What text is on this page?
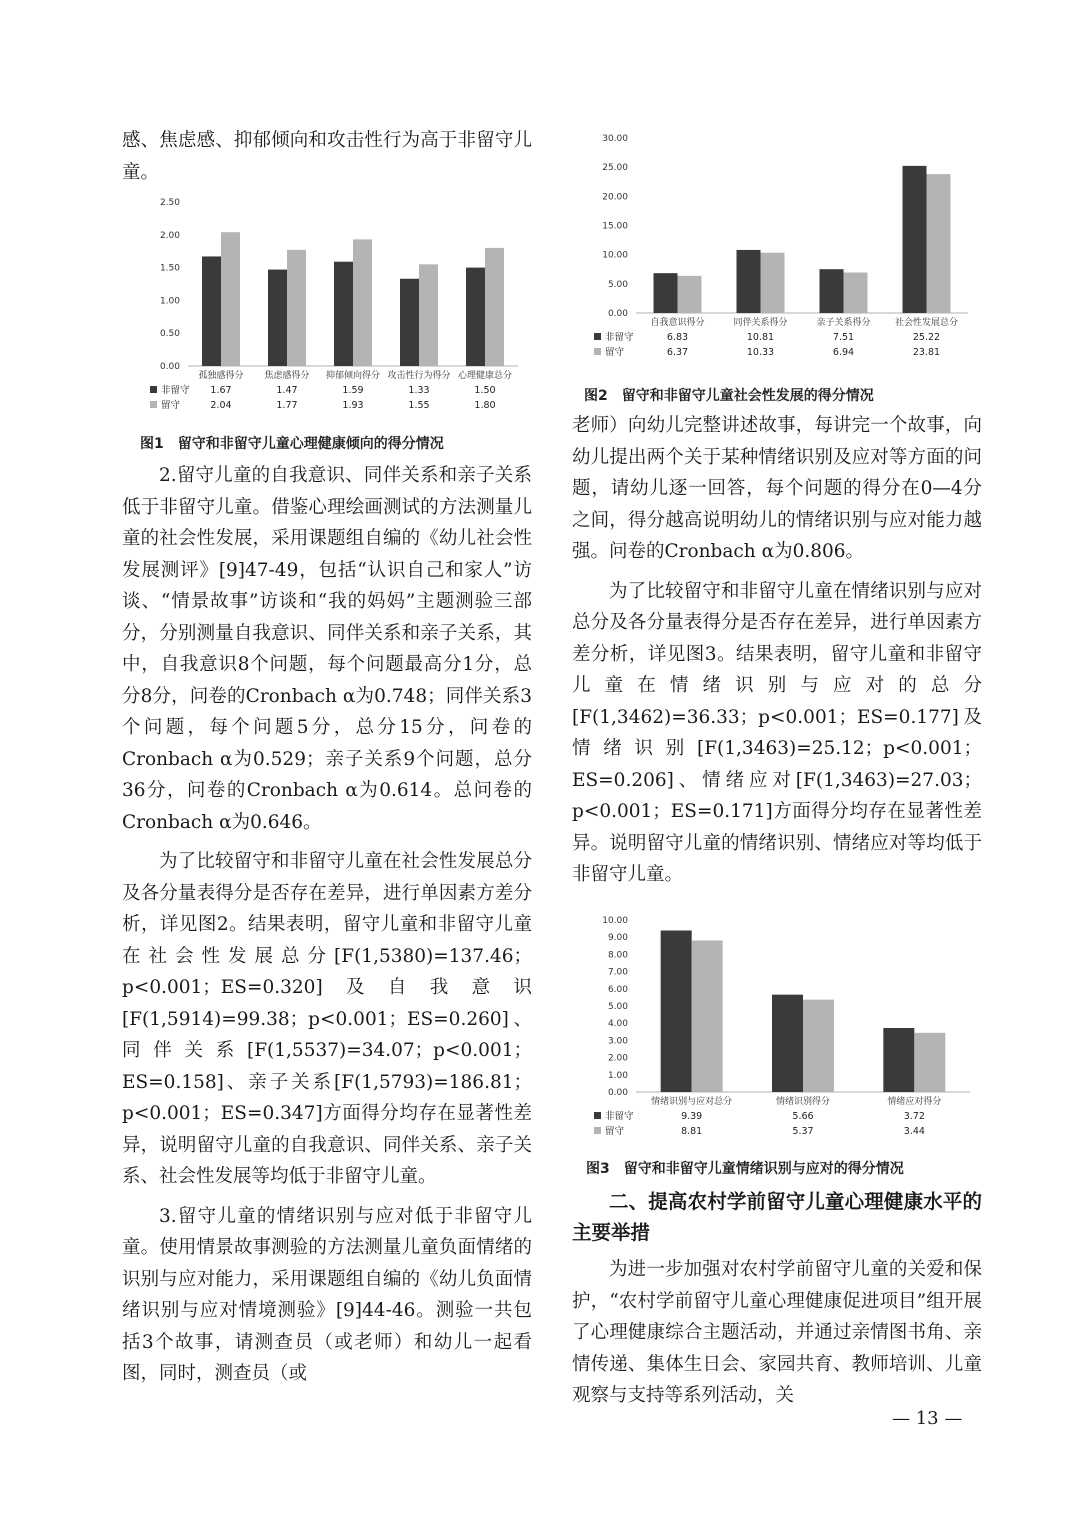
感、焦虑感、抑郁倾向和攻击性行为高于非留守儿童。

0.00
0.50
1.00
1.50
2.00
2.50
孤独感得分
1.67
2.04
焦虑感得分
1.47
1.77
抑郁倾向得分
1.59
1.93
攻击性行为得分
1.33
1.55
心理健康总分
1.50
1.80
非留守
留守
图1　留守和非留守儿童心理健康倾向的得分情况

2.留守儿童的自我意识、同伴关系和亲子关系低于非留守儿童。借鉴心理绘画测试的方法测量儿童的社会性发展，采用课题组自编的《幼儿社会性发展测评》[9]47-49，包括“认识自己和家人”访谈、“情景故事”访谈和“我的妈妈”主题测验三部分，分别测量自我意识、同伴关系和亲子关系，其中，自我意识8个问题，每个问题最高分1分，总分8分，问卷的Cronbach α为0.748；同伴关系3个问题，每个问题5分，总分15分，问卷的Cronbach α为0.529；亲子关系9个问题，总分36分，问卷的Cronbach α为0.614。总问卷的Cronbach α为0.646。

为了比较留守和非留守儿童在社会性发展总分及各分量表得分是否存在差异，进行单因素方差分析，详见图2。结果表明，留守儿童和非留守儿童在社会性发展总分[F(1,5380)=137.46；p<0.001；ES=0.320]及自我意识[F(1,5914)=99.38；p<0.001；ES=0.260]、同伴关系[F(1,5537)=34.07；p<0.001；ES=0.158]、亲子关系[F(1,5793)=186.81；p<0.001；ES=0.347]方面得分均存在显著性差异，说明留守儿童的自我意识、同伴关系、亲子关系、社会性发展等均低于非留守儿童。

3.留守儿童的情绪识别与应对低于非留守儿童。使用情景故事测验的方法测量儿童负面情绪的识别与应对能力，采用课题组自编的《幼儿负面情绪识别与应对情境测验》[9]44-46。测验一共包括3个故事，请测查员（或老师）和幼儿一起看图，同时，测查员（或

0.00
5.00
10.00
15.00
20.00
25.00
30.00
自我意识得分
6.83
6.37
同伴关系得分
10.81
10.33
亲子关系得分
7.51
6.94
社会性发展总分
25.22
23.81
非留守
留守
图2　留守和非留守儿童社会性发展的得分情况

老师）向幼儿完整讲述故事，每讲完一个故事，向幼儿提出两个关于某种情绪识别及应对等方面的问题，请幼儿逐一回答，每个问题的得分在0—4分之间，得分越高说明幼儿的情绪识别与应对能力越强。问卷的Cronbach α为0.806。

为了比较留守和非留守儿童在情绪识别与应对总分及各分量表得分是否存在差异，进行单因素方差分析，详见图3。结果表明，留守儿童和非留守儿童在情绪识别与应对的总分[F(1,3462)=36.33；p<0.001；ES=0.177]及情绪识别[F(1,3463)=25.12；p<0.001；ES=0.206]、情绪应对[F(1,3463)=27.03；p<0.001；ES=0.171]方面得分均存在显著性差异。说明留守儿童的情绪识别、情绪应对等均低于非留守儿童。

0.00
1.00
2.00
3.00
4.00
5.00
6.00
7.00
8.00
9.00
10.00
情绪识别与应对总分
9.39
8.81
情绪识别得分
5.66
5.37
情绪应对得分
3.72
3.44
非留守
留守
图3　留守和非留守儿童情绪识别与应对的得分情况

二、提高农村学前留守儿童心理健康水平的主要举措

为进一步加强对农村学前留守儿童的关爱和保护，“农村学前留守儿童心理健康促进项目”组开展了心理健康综合主题活动，并通过亲情图书角、亲情传递、集体生日会、家园共育、教师培训、儿童观察与支持等系列活动，关

— 13 —
